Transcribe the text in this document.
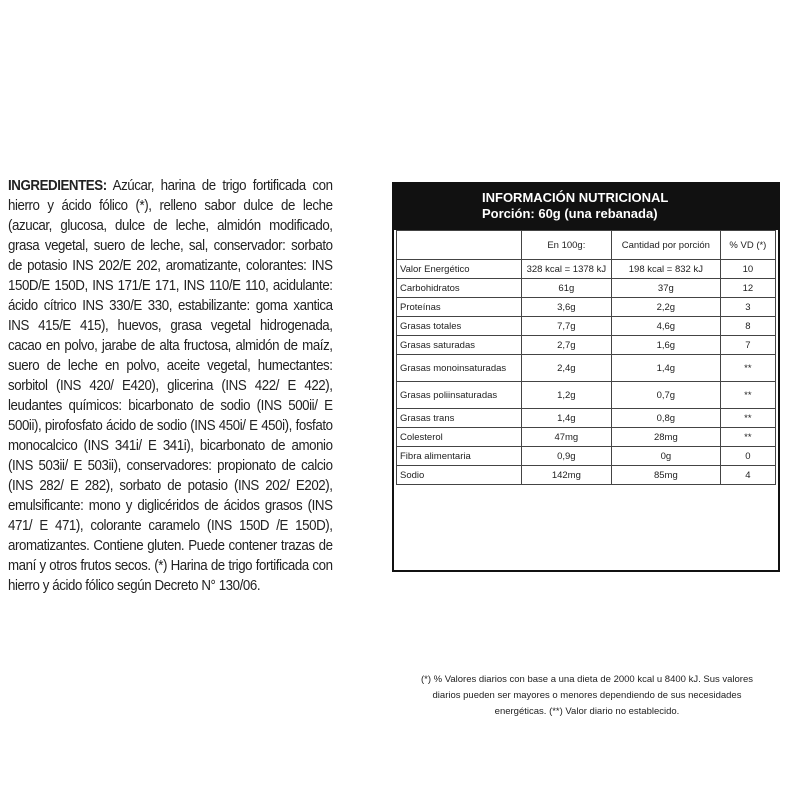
INGREDIENTES: Azúcar, harina de trigo fortificada con hierro y ácido fólico (*), relleno sabor dulce de leche (azucar, glucosa, dulce de leche, almidón modificado, grasa vegetal, suero de leche, sal, conservador: sorbato de potasio INS 202/E 202, aromatizante, colorantes: INS 150D/E 150D, INS 171/E 171, INS 110/E 110, acidulante: ácido cítrico INS 330/E 330, estabilizante: goma xantica INS 415/E 415), huevos, grasa vegetal hidrogenada, cacao en polvo, jarabe de alta fructosa, almidón de maíz, suero de leche en polvo, aceite vegetal, humectantes: sorbitol (INS 420/ E420), glicerina (INS 422/ E 422), leudantes químicos: bicarbonato de sodio (INS 500ii/ E 500ii), pirofosfato ácido de sodio (INS 450i/ E 450i), fosfato monocalcico (INS 341i/ E 341i), bicarbonato de amonio (INS 503ii/ E 503ii), conservadores: propionato de calcio (INS 282/ E 282), sorbato de potasio (INS 202/ E202), emulsificante: mono y diglicéridos de ácidos grasos (INS 471/ E 471), colorante caramelo (INS 150D /E 150D), aromatizantes. Contiene gluten. Puede contener trazas de maní y otros frutos secos. (*) Harina de trigo fortificada con hierro y ácido fólico según Decreto N° 130/06.
INFORMACIÓN NUTRICIONAL
Porción: 60g (una rebanada)
	En 100g:	Cantidad por porción	% VD (*)
Valor Energético	328 kcal = 1378 kJ	198 kcal = 832 kJ	10
Carbohidratos	61g	37g	12
Proteínas	3,6g	2,2g	3
Grasas totales	7,7g	4,6g	8
Grasas saturadas	2,7g	1,6g	7
Grasas monoinsaturadas	2,4g	1,4g	**
Grasas poliinsaturadas	1,2g	0,7g	**
Grasas trans	1,4g	0,8g	**
Colesterol	47mg	28mg	**
Fibra alimentaria	0,9g	0g	0
Sodio	142mg	85mg	4
(*) % Valores diarios con base a una dieta de 2000 kcal u 8400 kJ. Sus valores diarios pueden ser mayores o menores dependiendo de sus necesidades energéticas. (**) Valor diario no establecido.
